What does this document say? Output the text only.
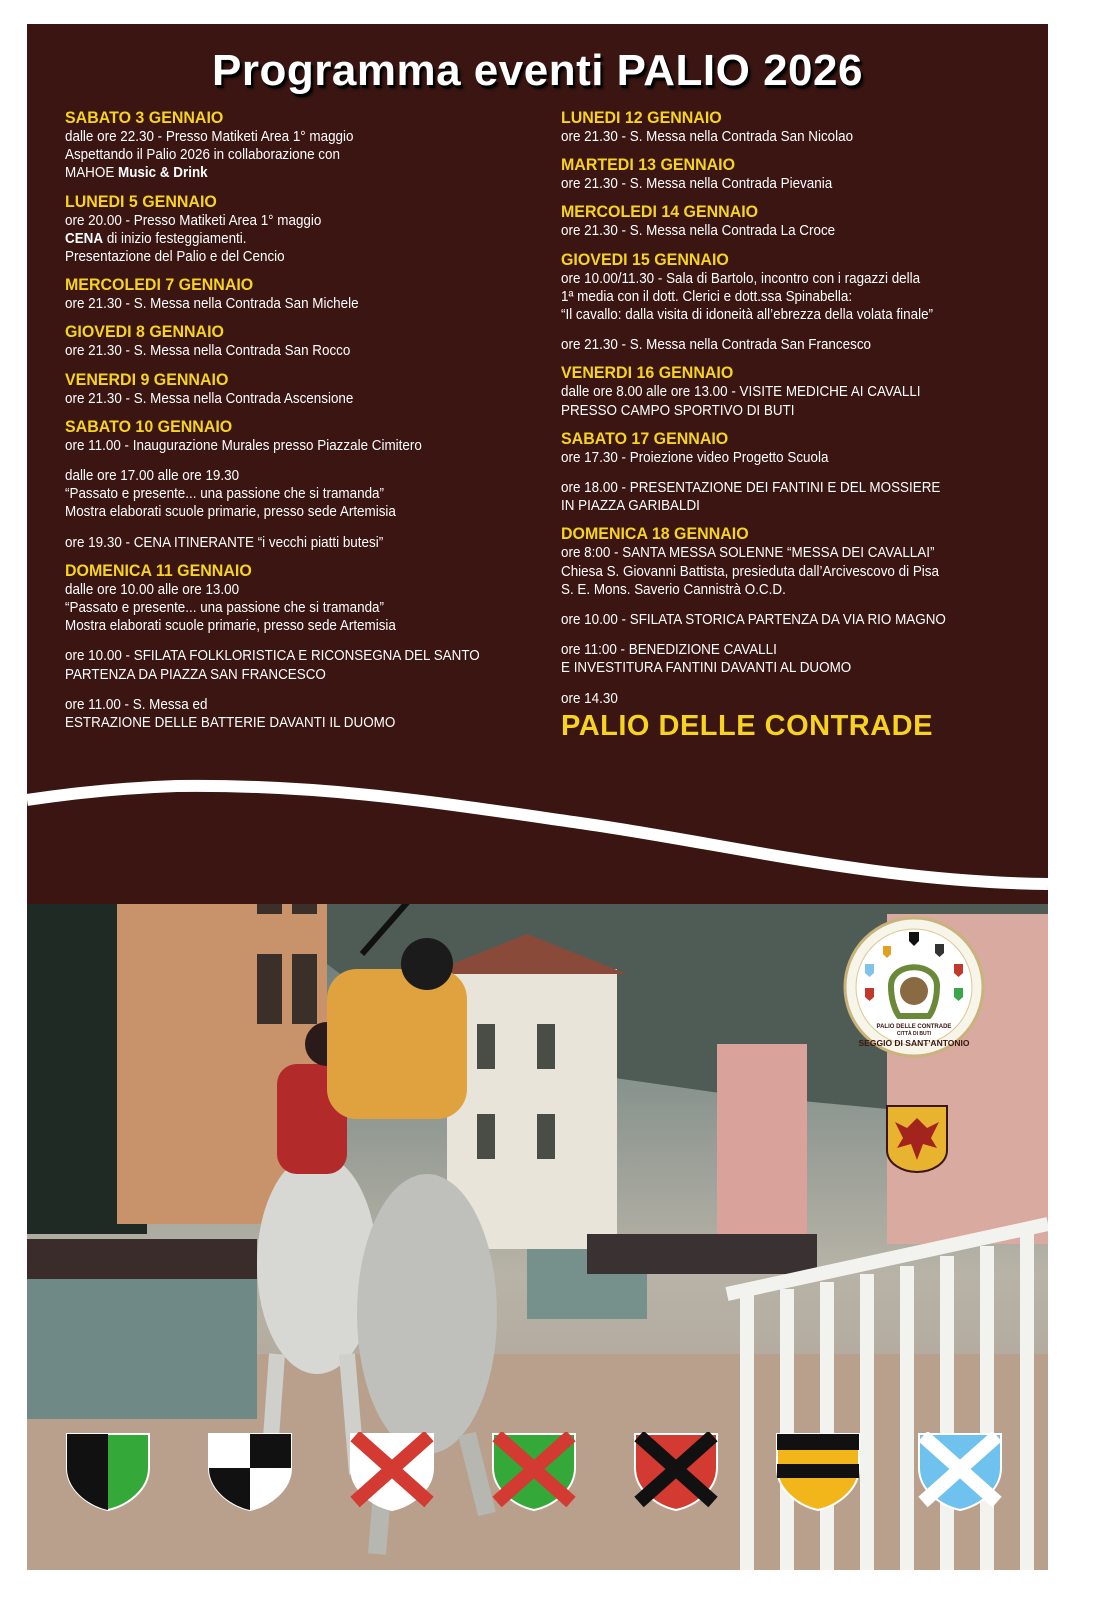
Programma eventi PALIO 2026
SABATO 3 GENNAIO
dalle ore 22.30 - Presso Matiketi Area 1° maggio
Aspettando il Palio 2026 in collaborazione con
MAHOE Music & Drink
LUNEDI 5 GENNAIO
ore 20.00 - Presso Matiketi Area 1° maggio
CENA di inizio festeggiamenti.
Presentazione del Palio e del Cencio
MERCOLEDI 7 GENNAIO
ore 21.30 - S. Messa nella Contrada San Michele
GIOVEDI 8 GENNAIO
ore 21.30 - S. Messa nella Contrada San Rocco
VENERDI 9 GENNAIO
ore 21.30 - S. Messa nella Contrada Ascensione
SABATO 10 GENNAIO
ore 11.00 - Inaugurazione Murales presso Piazzale Cimitero
dalle ore 17.00 alle ore 19.30
“Passato e presente... una passione che si tramanda”
Mostra elaborati scuole primarie, presso sede Artemisia
ore 19.30 - CENA ITINERANTE “i vecchi piatti butesi”
DOMENICA 11 GENNAIO
dalle ore 10.00 alle ore 13.00
“Passato e presente... una passione che si tramanda”
Mostra elaborati scuole primarie, presso sede Artemisia
ore 10.00 - SFILATA FOLKLORISTICA E RICONSEGNA DEL SANTO
PARTENZA DA PIAZZA SAN FRANCESCO
ore 11.00 - S. Messa ed
ESTRAZIONE DELLE BATTERIE DAVANTI IL DUOMO
LUNEDI 12 GENNAIO
ore 21.30 - S. Messa nella Contrada San Nicolao
MARTEDI 13 GENNAIO
ore 21.30 - S. Messa nella Contrada Pievania
MERCOLEDI 14 GENNAIO
ore 21.30 - S. Messa nella Contrada La Croce
GIOVEDI 15 GENNAIO
ore 10.00/11.30 - Sala di Bartolo, incontro con i ragazzi della
1ª media con il dott. Clerici e dott.ssa Spinabella:
“Il cavallo: dalla visita di idoneità all’ebrezza della volata finale”
ore 21.30 - S. Messa nella Contrada San Francesco
VENERDI 16 GENNAIO
dalle ore 8.00 alle ore 13.00 - VISITE MEDICHE AI CAVALLI
PRESSO CAMPO SPORTIVO DI BUTI
SABATO 17 GENNAIO
ore 17.30 - Proiezione video Progetto Scuola
ore 18.00 - PRESENTAZIONE DEI FANTINI E DEL MOSSIERE
IN PIAZZA GARIBALDI
DOMENICA 18 GENNAIO
ore 8:00 - SANTA MESSA SOLENNE “MESSA DEI CAVALLAI”
Chiesa S. Giovanni Battista, presieduta dall’Arcivescovo di Pisa
S. E. Mons. Saverio Cannistrà O.C.D.
ore 10.00 - SFILATA STORICA PARTENZA DA VIA RIO MAGNO
ore 11:00 - BENEDIZIONE CAVALLI
E INVESTITURA FANTINI DAVANTI AL DUOMO
ore 14.30
PALIO DELLE CONTRADE
PALIO DELLE CONTRADE
CITTÀ DI BUTI
SEGGIO DI SANT'ANTONIO
